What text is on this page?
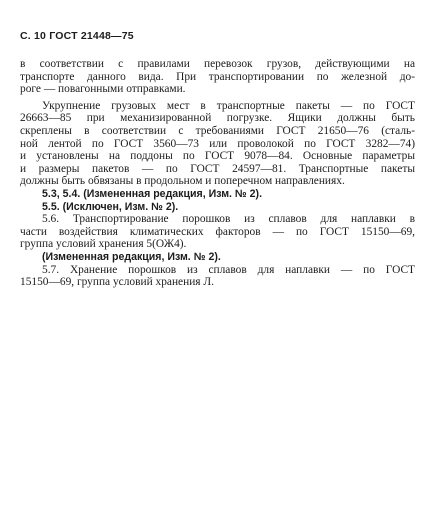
С. 10 ГОСТ 21448—75
в соответствии с правилами перевозок грузов, действующими на
транспорте данного вида. При транспортировании по железной до-
роге — повагонными отправками.
Укрупнение грузовых мест в транспортные пакеты — по ГОСТ
26663—85 при механизированной погрузке. Ящики должны быть
скреплены в соответствии с требованиями ГОСТ 21650—76 (сталь-
ной лентой по ГОСТ 3560—73 или проволокой по ГОСТ 3282—74)
и установлены на поддоны по ГОСТ 9078—84. Основные параметры
и размеры пакетов — по ГОСТ 24597—81. Транспортные пакеты
должны быть обвязаны в продольном и поперечном направлениях.
5.3, 5.4. (Измененная редакция, Изм. № 2).
5.5. (Исключен, Изм. № 2).
5.6. Транспортирование порошков из сплавов для наплавки в
части воздействия климатических факторов — по ГОСТ 15150—69,
группа условий хранения 5(ОЖ4).
(Измененная редакция, Изм. № 2).
5.7. Хранение порошков из сплавов для наплавки — по ГОСТ
15150—69, группа условий хранения Л.
